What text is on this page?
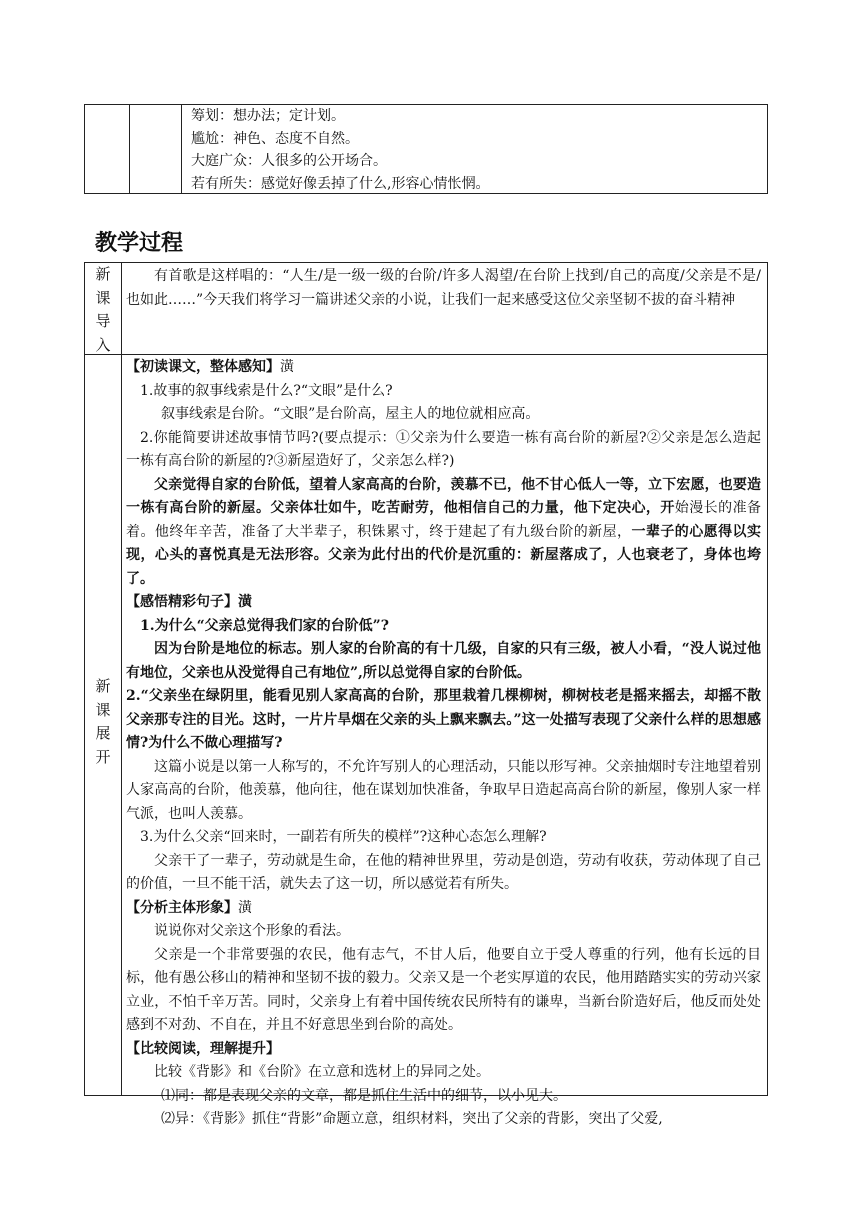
筹划：想办法；定计划。
尴尬：神色、态度不自然。
大庭广众：人很多的公开场合。
若有所失：感觉好像丢掉了什么,形容心情怅惘。
教学过程
新
课
导
入
有首歌是这样唱的：“人生/是一级一级的台阶/许多人渴望/在台阶上找到/自己的高度/父亲是不是/也如此……”今天我们将学习一篇讲述父亲的小说，让我们一起来感受这位父亲坚韧不拔的奋斗精神
新
课
展
开

【初读课文，整体感知】潢

1.故事的叙事线索是什么?“文眼”是什么?

叙事线索是台阶。“文眼”是台阶高，屋主人的地位就相应高。

2.你能简要讲述故事情节吗?(要点提示：①父亲为什么要造一栋有高台阶的新屋?②父亲是怎么造起一栋有高台阶的新屋的?③新屋造好了，父亲怎么样?)

父亲觉得自家的台阶低，望着人家高高的台阶，羡慕不已，他不甘心低人一等，立下宏愿，也要造一栋有高台阶的新屋。父亲体壮如牛，吃苦耐劳，他相信自己的力量，他下定决心，开始漫长的准备着。他终年辛苦，准备了大半辈子，积铢累寸，终于建起了有九级台阶的新屋，一辈子的心愿得以实现，心头的喜悦真是无法形容。父亲为此付出的代价是沉重的：新屋落成了，人也衰老了，身体也垮了。

【感悟精彩句子】潢

1.为什么“父亲总觉得我们家的台阶低”?

因为台阶是地位的标志。别人家的台阶高的有十几级，自家的只有三级，被人小看，“没人说过他有地位，父亲也从没觉得自己有地位”,所以总觉得自家的台阶低。

2.“父亲坐在绿阴里，能看见别人家高高的台阶，那里栽着几棵柳树，柳树枝老是摇来摇去，却摇不散父亲那专注的目光。这时，一片片旱烟在父亲的头上飘来飘去。”这一处描写表现了父亲什么样的思想感情?为什么不做心理描写?

这篇小说是以第一人称写的，不允许写别人的心理活动，只能以形写神。父亲抽烟时专注地望着别人家高高的台阶，他羡慕，他向往，他在谋划加快准备，争取早日造起高高台阶的新屋，像别人家一样气派，也叫人羡慕。

3.为什么父亲“回来时，一副若有所失的模样”?这种心态怎么理解?

父亲干了一辈子，劳动就是生命，在他的精神世界里，劳动是创造，劳动有收获，劳动体现了自己的价值，一旦不能干活，就失去了这一切，所以感觉若有所失。

【分析主体形象】潢

说说你对父亲这个形象的看法。

父亲是一个非常要强的农民，他有志气，不甘人后，他要自立于受人尊重的行列，他有长远的目标，他有愚公移山的精神和坚韧不拔的毅力。父亲又是一个老实厚道的农民，他用踏踏实实的劳动兴家立业，不怕千辛万苦。同时，父亲身上有着中国传统农民所特有的谦卑，当新台阶造好后，他反而处处感到不对劲、不自在，并且不好意思坐到台阶的高处。

【比较阅读，理解提升】

比较《背影》和《台阶》在立意和选材上的异同之处。

⑴同：都是表现父亲的文章，都是抓住生活中的细节，以小见大。

⑵异：《背影》抓住“背影”命题立意，组织材料，突出了父亲的背影，突出了父爱,
